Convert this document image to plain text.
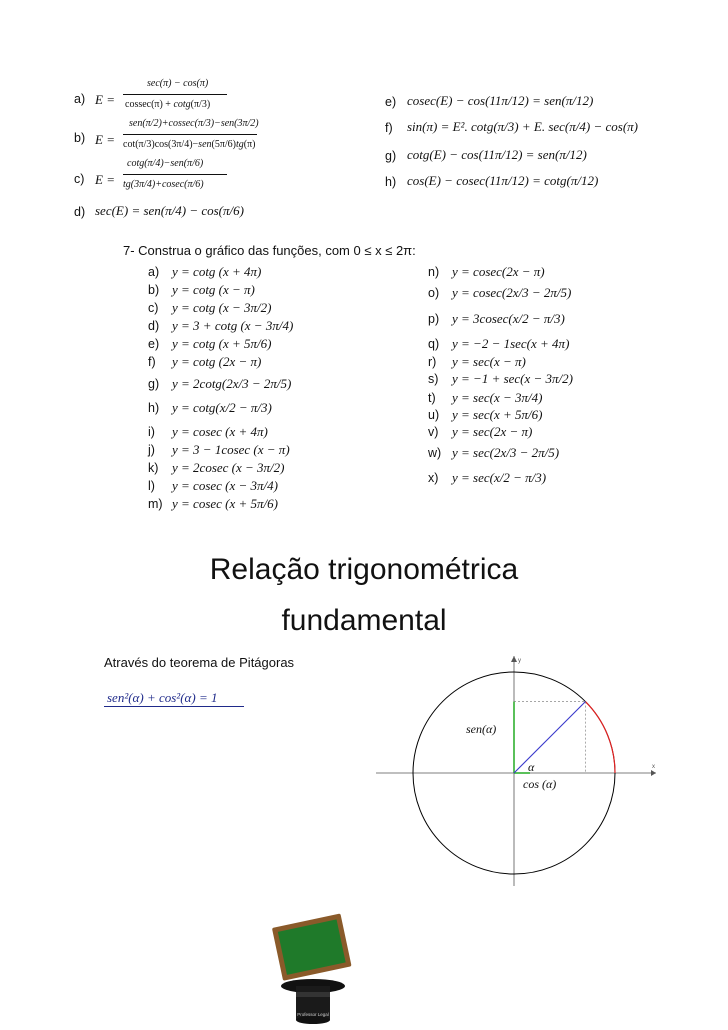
a) E =
sec(π) − cos(π)
cossec(π) + cotg(π/3)
b) E =
sen(π/2)+cossec(π/3)−sen(3π/2)
cot(π/3)cos(3π/4)−sen(5π/6)tg(π)
c) E =
cotg(π/4)−sen(π/6)
tg(3π/4)+cosec(π/6)
d) sec(E) = sen(π/4) − cos(π/6)
e) cosec(E) − cos(11π/12) = sen(π/12)
f) sin(π) = E². cotg(π/3) + E. sec(π/4) − cos(π)
g) cotg(E) − cos(11π/12) = sen(π/12)
h) cos(E) − cosec(11π/12) = cotg(π/12)
7- Construa o gráfico das funções, com 0 ≤ x ≤ 2π:
a) y = cotg (x + 4π)
b) y = cotg (x − π)
c) y = cotg (x − 3π/2)
d) y = 3 + cotg (x − 3π/4)
e) y = cotg (x + 5π/6)
f) y = cotg (2x − π)
g) y = 2cotg(2x/3 − 2π/5)
h) y = cotg(x/2 − π/3)
i) y = cosec (x + 4π)
j) y = 3 − 1cosec (x − π)
k) y = 2cosec (x − 3π/2)
l) y = cosec (x − 3π/4)
m) y = cosec (x + 5π/6)
n) y = cosec(2x − π)
o) y = cosec(2x/3 − 2π/5)
p) y = 3cosec(x/2 − π/3)
q) y = −2 − 1sec(x + 4π)
r) y = sec(x − π)
s) y = −1 + sec(x − 3π/2)
t) y = sec(x − 3π/4)
u) y = sec(x + 5π/6)
v) y = sec(2x − π)
w) y = sec(2x/3 − 2π/5)
x) y = sec(x/2 − π/3)
Relação trigonométrica
fundamental
Através do teorema de Pitágoras
sen²(α) + cos²(α) = 1
y
x
sen(α)
α
cos (α)
Professor Legal
